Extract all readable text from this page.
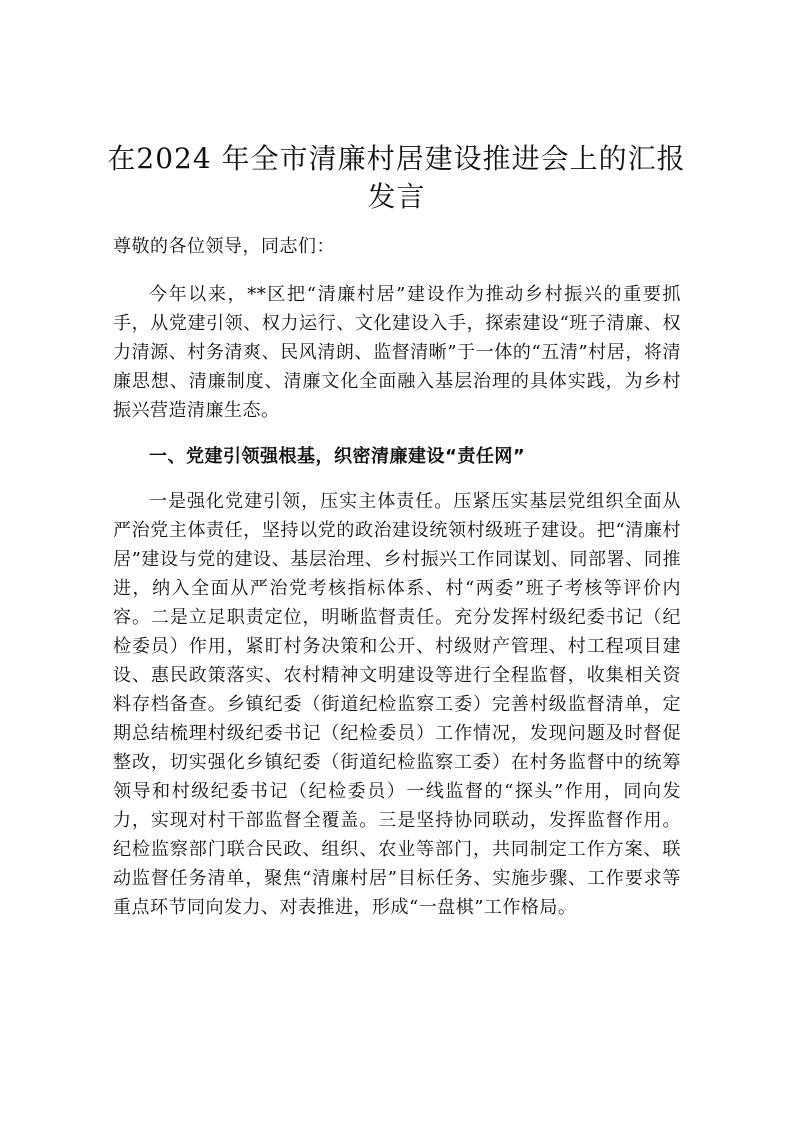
在2024 年全市清廉村居建设推进会上的汇报发言

尊敬的各位领导，同志们：

今年以来，**区把“清廉村居”建设作为推动乡村振兴的重要抓手，从党建引领、权力运行、文化建设入手，探索建设“班子清廉、权力清源、村务清爽、民风清朗、监督清晰”于一体的“五清”村居，将清廉思想、清廉制度、清廉文化全面融入基层治理的具体实践，为乡村振兴营造清廉生态。

一、党建引领强根基，织密清廉建设“责任网”

一是强化党建引领，压实主体责任。压紧压实基层党组织全面从严治党主体责任，坚持以党的政治建设统领村级班子建设。把“清廉村居”建设与党的建设、基层治理、乡村振兴工作同谋划、同部署、同推进，纳入全面从严治党考核指标体系、村“两委”班子考核等评价内容。二是立足职责定位，明晰监督责任。充分发挥村级纪委书记（纪检委员）作用，紧盯村务决策和公开、村级财产管理、村工程项目建设、惠民政策落实、农村精神文明建设等进行全程监督，收集相关资料存档备查。乡镇纪委（街道纪检监察工委）完善村级监督清单，定期总结梳理村级纪委书记（纪检委员）工作情况，发现问题及时督促整改，切实强化乡镇纪委（街道纪检监察工委）在村务监督中的统筹领导和村级纪委书记（纪检委员）一线监督的“探头”作用，同向发力，实现对村干部监督全覆盖。三是坚持协同联动，发挥监督作用。纪检监察部门联合民政、组织、农业等部门，共同制定工作方案、联动监督任务清单，聚焦“清廉村居”目标任务、实施步骤、工作要求等重点环节同向发力、对表推进，形成“一盘棋”工作格局。
